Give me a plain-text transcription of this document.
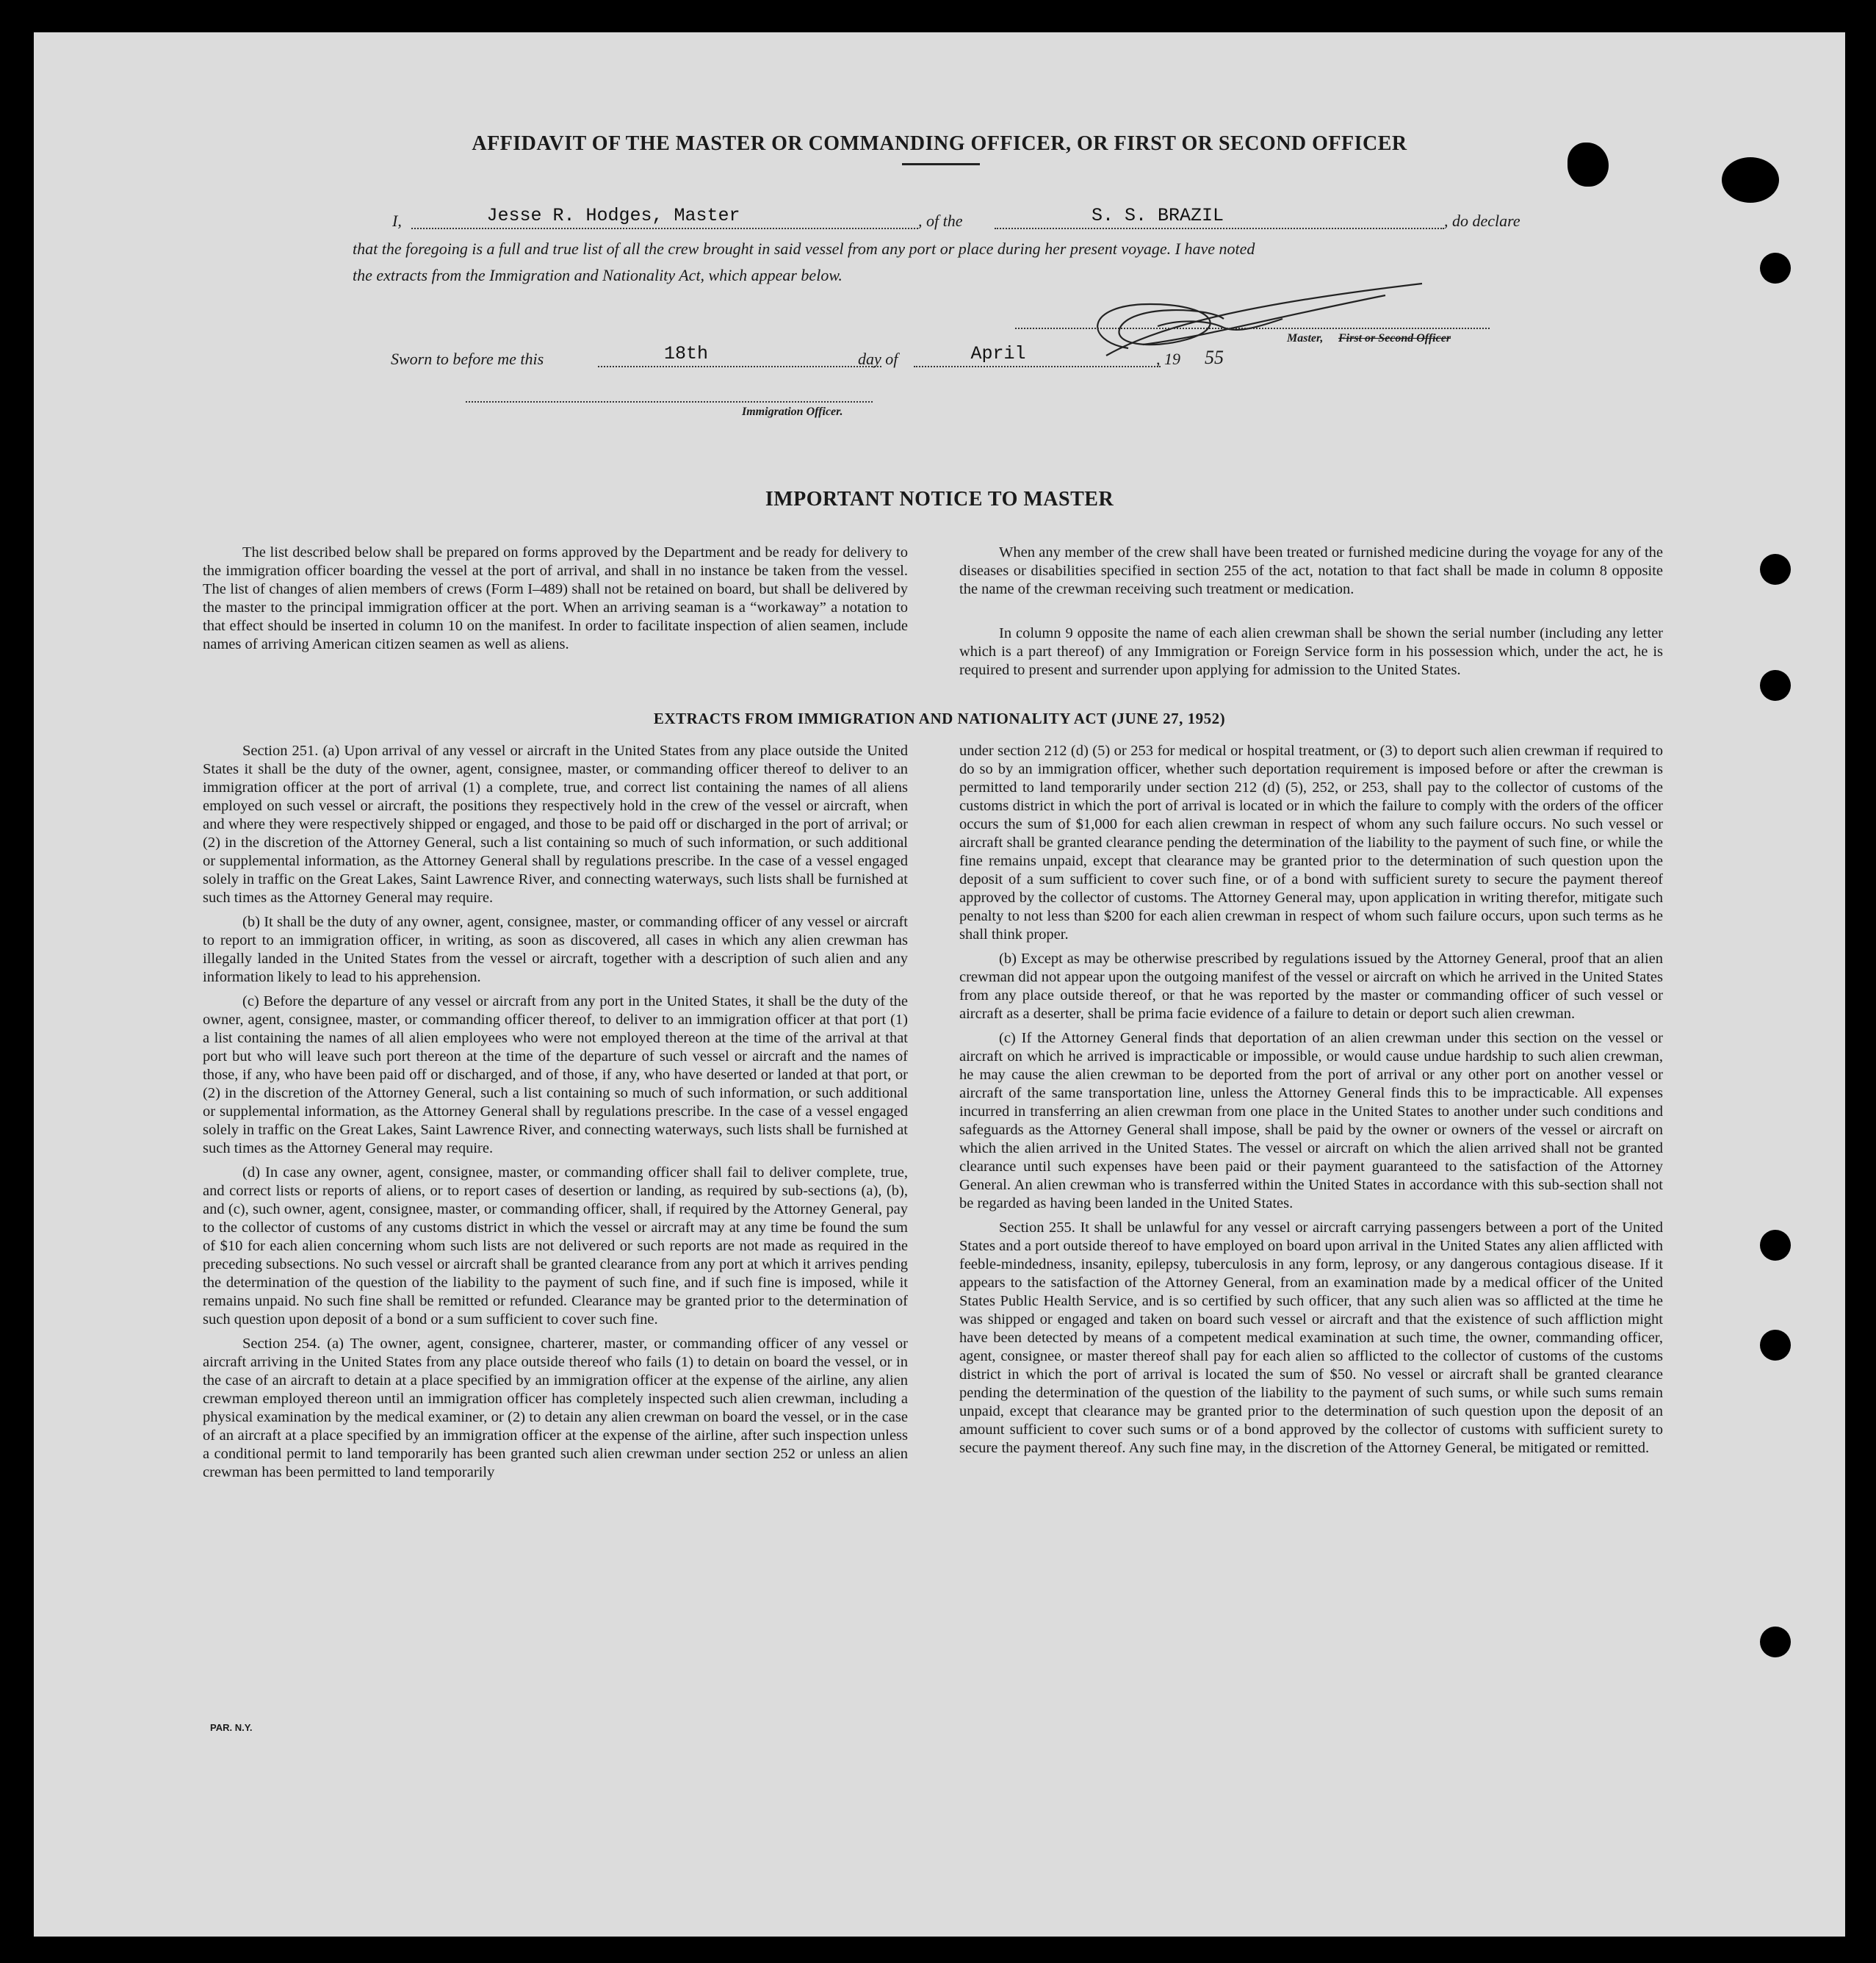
AFFIDAVIT OF THE MASTER OR COMMANDING OFFICER, OR FIRST OR SECOND OFFICER
I,	Jesse R. Hodges, Master	, of the	S. S. BRAZIL	, do declare
that the foregoing is a full and true list of all the crew brought in said vessel from any port or place during her present voyage. I have noted
the extracts from the Immigration and Nationality Act, which appear below.
Master, First or Second Officer
Sworn to before me this	18th	day of	April	, 19 55
Immigration Officer.
IMPORTANT NOTICE TO MASTER
The list described below shall be prepared on forms approved by the Department and be ready for delivery to the immigration officer boarding the vessel at the port of arrival, and shall in no instance be taken from the vessel. The list of changes of alien members of crews (Form I–489) shall not be retained on board, but shall be delivered by the master to the principal immigration officer at the port. When an arriving seaman is a “workaway” a notation to that effect should be inserted in column 10 on the manifest. In order to facilitate inspection of alien seamen, include names of arriving American citizen seamen as well as aliens.
When any member of the crew shall have been treated or furnished medicine during the voyage for any of the diseases or disabilities specified in section 255 of the act, notation to that fact shall be made in column 8 opposite the name of the crewman receiving such treatment or medication.
In column 9 opposite the name of each alien crewman shall be shown the serial number (including any letter which is a part thereof) of any Immigration or Foreign Service form in his possession which, under the act, he is required to present and surrender upon applying for admission to the United States.
EXTRACTS FROM IMMIGRATION AND NATIONALITY ACT (JUNE 27, 1952)

Section 251. (a) Upon arrival of any vessel or aircraft in the United States from any place outside the United States it shall be the duty of the owner, agent, consignee, master, or commanding officer thereof to deliver to an immigration officer at the port of arrival (1) a complete, true, and correct list containing the names of all aliens employed on such vessel or aircraft, the positions they respectively hold in the crew of the vessel or aircraft, when and where they were respectively shipped or engaged, and those to be paid off or discharged in the port of arrival; or (2) in the discretion of the Attorney General, such a list containing so much of such information, or such additional or supplemental information, as the Attorney General shall by regulations prescribe. In the case of a vessel engaged solely in traffic on the Great Lakes, Saint Lawrence River, and connecting waterways, such lists shall be furnished at such times as the Attorney General may require.

(b) It shall be the duty of any owner, agent, consignee, master, or commanding officer of any vessel or aircraft to report to an immigration officer, in writing, as soon as discovered, all cases in which any alien crewman has illegally landed in the United States from the vessel or aircraft, together with a description of such alien and any information likely to lead to his apprehension.

(c) Before the departure of any vessel or aircraft from any port in the United States, it shall be the duty of the owner, agent, consignee, master, or commanding officer thereof, to deliver to an immigration officer at that port (1) a list containing the names of all alien employees who were not employed thereon at the time of the arrival at that port but who will leave such port thereon at the time of the departure of such vessel or aircraft and the names of those, if any, who have been paid off or discharged, and of those, if any, who have deserted or landed at that port, or (2) in the discretion of the Attorney General, such a list containing so much of such information, or such additional or supplemental information, as the Attorney General shall by regulations prescribe. In the case of a vessel engaged solely in traffic on the Great Lakes, Saint Lawrence River, and connecting waterways, such lists shall be furnished at such times as the Attorney General may require.

(d) In case any owner, agent, consignee, master, or commanding officer shall fail to deliver complete, true, and correct lists or reports of aliens, or to report cases of desertion or landing, as required by sub-sections (a), (b), and (c), such owner, agent, consignee, master, or commanding officer, shall, if required by the Attorney General, pay to the collector of customs of any customs district in which the vessel or aircraft may at any time be found the sum of $10 for each alien concerning whom such lists are not delivered or such reports are not made as required in the preceding subsections. No such vessel or aircraft shall be granted clearance from any port at which it arrives pending the determination of the question of the liability to the payment of such fine, and if such fine is imposed, while it remains unpaid. No such fine shall be remitted or refunded. Clearance may be granted prior to the determination of such question upon deposit of a bond or a sum sufficient to cover such fine.

Section 254. (a) The owner, agent, consignee, charterer, master, or commanding officer of any vessel or aircraft arriving in the United States from any place outside thereof who fails (1) to detain on board the vessel, or in the case of an aircraft to detain at a place specified by an immigration officer at the expense of the airline, any alien crewman employed thereon until an immigration officer has completely inspected such alien crewman, including a physical examination by the medical examiner, or (2) to detain any alien crewman on board the vessel, or in the case of an aircraft at a place specified by an immigration officer at the expense of the airline, after such inspection unless a conditional permit to land temporarily has been granted such alien crewman under section 252 or unless an alien crewman has been permitted to land temporarily

under section 212 (d) (5) or 253 for medical or hospital treatment, or (3) to deport such alien crewman if required to do so by an immigration officer, whether such deportation requirement is imposed before or after the crewman is permitted to land temporarily under section 212 (d) (5), 252, or 253, shall pay to the collector of customs of the customs district in which the port of arrival is located or in which the failure to comply with the orders of the officer occurs the sum of $1,000 for each alien crewman in respect of whom any such failure occurs. No such vessel or aircraft shall be granted clearance pending the determination of the liability to the payment of such fine, or while the fine remains unpaid, except that clearance may be granted prior to the determination of such question upon the deposit of a sum sufficient to cover such fine, or of a bond with sufficient surety to secure the payment thereof approved by the collector of customs. The Attorney General may, upon application in writing therefor, mitigate such penalty to not less than $200 for each alien crewman in respect of whom such failure occurs, upon such terms as he shall think proper.

(b) Except as may be otherwise prescribed by regulations issued by the Attorney General, proof that an alien crewman did not appear upon the outgoing manifest of the vessel or aircraft on which he arrived in the United States from any place outside thereof, or that he was reported by the master or commanding officer of such vessel or aircraft as a deserter, shall be prima facie evidence of a failure to detain or deport such alien crewman.

(c) If the Attorney General finds that deportation of an alien crewman under this section on the vessel or aircraft on which he arrived is impracticable or impossible, or would cause undue hardship to such alien crewman, he may cause the alien crewman to be deported from the port of arrival or any other port on another vessel or aircraft of the same transportation line, unless the Attorney General finds this to be impracticable. All expenses incurred in transferring an alien crewman from one place in the United States to another under such conditions and safeguards as the Attorney General shall impose, shall be paid by the owner or owners of the vessel or aircraft on which the alien arrived in the United States. The vessel or aircraft on which the alien arrived shall not be granted clearance until such expenses have been paid or their payment guaranteed to the satisfaction of the Attorney General. An alien crewman who is transferred within the United States in accordance with this sub-section shall not be regarded as having been landed in the United States.

Section 255. It shall be unlawful for any vessel or aircraft carrying passengers between a port of the United States and a port outside thereof to have employed on board upon arrival in the United States any alien afflicted with feeble-mindedness, insanity, epilepsy, tuberculosis in any form, leprosy, or any dangerous contagious disease. If it appears to the satisfaction of the Attorney General, from an examination made by a medical officer of the United States Public Health Service, and is so certified by such officer, that any such alien was so afflicted at the time he was shipped or engaged and taken on board such vessel or aircraft and that the existence of such affliction might have been detected by means of a competent medical examination at such time, the owner, commanding officer, agent, consignee, or master thereof shall pay for each alien so afflicted to the collector of customs of the customs district in which the port of arrival is located the sum of $50. No vessel or aircraft shall be granted clearance pending the determination of the question of the liability to the payment of such sums, or while such sums remain unpaid, except that clearance may be granted prior to the determination of such question upon the deposit of an amount sufficient to cover such sums or of a bond approved by the collector of customs with sufficient surety to secure the payment thereof. Any such fine may, in the discretion of the Attorney General, be mitigated or remitted.

PAR. N.Y.
